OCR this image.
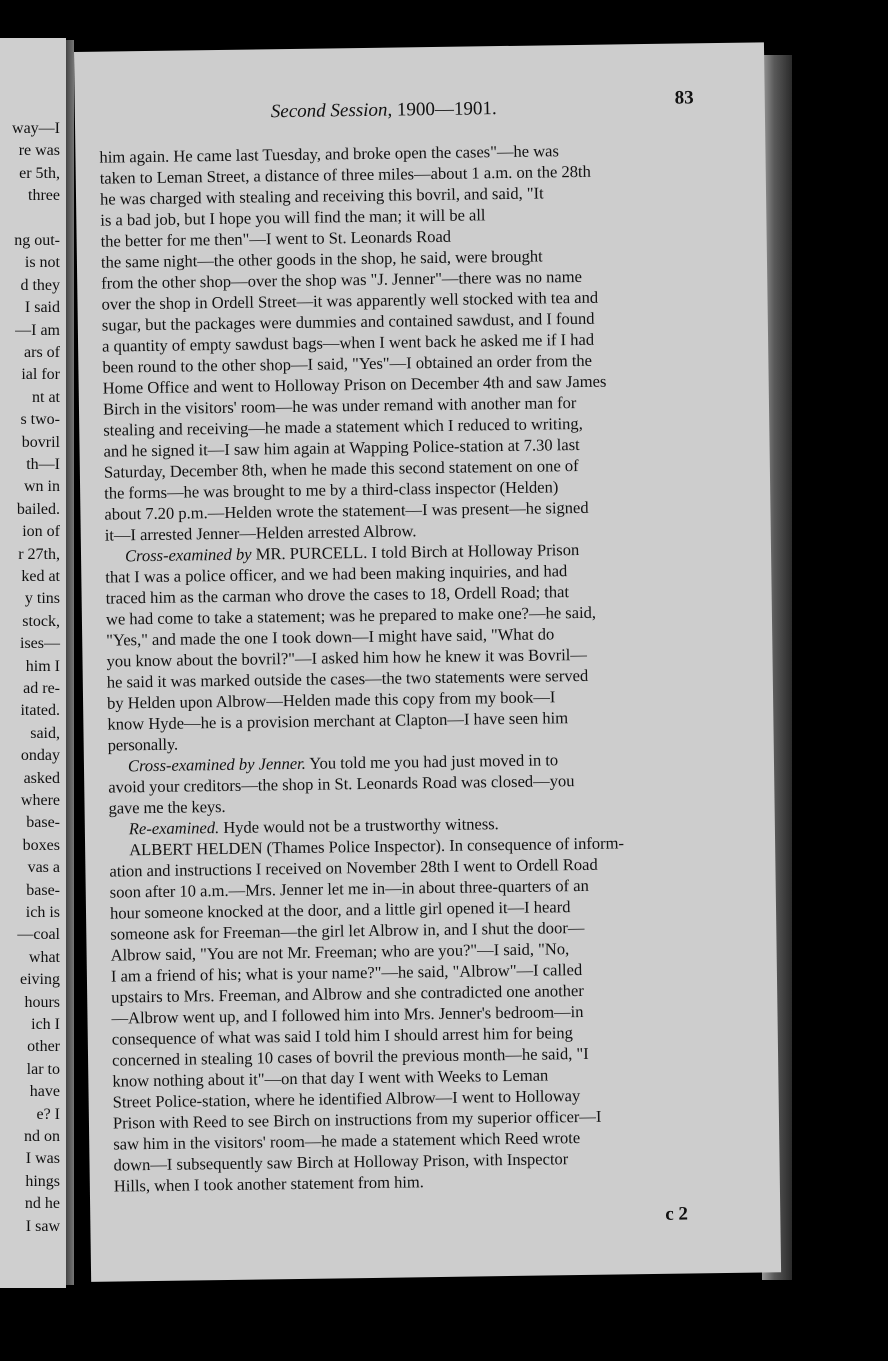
way—I
re was
er 5th,
three
ng out-
is not
d they
I said
—I am
ars of
ial for
nt at
s two-
bovril
th—I
wn in
bailed.
ion of
r 27th,
ked at
y tins
stock,
ises—
him I
ad re-
itated.
said,
onday
asked
where
base-
boxes
vas a
base-
ich is
—coal
what
eiving
hours
ich I
other
lar to
have
e? I
nd on
I was
hings
nd he
I saw
Second Session, 1900—1901.
83
him again. He came last Tuesday, and broke open the cases"—he was
taken to Leman Street, a distance of three miles—about 1 a.m. on the 28th
he was charged with stealing and receiving this bovril, and said, "It
is a bad job, but I hope you will find the man; it will be all
the better for me then"—I went to St. Leonards Road
the same night—the other goods in the shop, he said, were brought
from the other shop—over the shop was "J. Jenner"—there was no name
over the shop in Ordell Street—it was apparently well stocked with tea and
sugar, but the packages were dummies and contained sawdust, and I found
a quantity of empty sawdust bags—when I went back he asked me if I had
been round to the other shop—I said, "Yes"—I obtained an order from the
Home Office and went to Holloway Prison on December 4th and saw James
Birch in the visitors' room—he was under remand with another man for
stealing and receiving—he made a statement which I reduced to writing,
and he signed it—I saw him again at Wapping Police-station at 7.30 last
Saturday, December 8th, when he made this second statement on one of
the forms—he was brought to me by a third-class inspector (Helden)
about 7.20 p.m.—Helden wrote the statement—I was present—he signed
it—I arrested Jenner—Helden arrested Albrow.
Cross-examined by MR. PURCELL. I told Birch at Holloway Prison
that I was a police officer, and we had been making inquiries, and had
traced him as the carman who drove the cases to 18, Ordell Road; that
we had come to take a statement; was he prepared to make one?—he said,
"Yes," and made the one I took down—I might have said, "What do
you know about the bovril?"—I asked him how he knew it was Bovril—
he said it was marked outside the cases—the two statements were served
by Helden upon Albrow—Helden made this copy from my book—I
know Hyde—he is a provision merchant at Clapton—I have seen him
personally.
Cross-examined by Jenner. You told me you had just moved in to
avoid your creditors—the shop in St. Leonards Road was closed—you
gave me the keys.
Re-examined. Hyde would not be a trustworthy witness.
ALBERT HELDEN (Thames Police Inspector). In consequence of inform-
ation and instructions I received on November 28th I went to Ordell Road
soon after 10 a.m.—Mrs. Jenner let me in—in about three-quarters of an
hour someone knocked at the door, and a little girl opened it—I heard
someone ask for Freeman—the girl let Albrow in, and I shut the door—
Albrow said, "You are not Mr. Freeman; who are you?"—I said, "No,
I am a friend of his; what is your name?"—he said, "Albrow"—I called
upstairs to Mrs. Freeman, and Albrow and she contradicted one another
—Albrow went up, and I followed him into Mrs. Jenner's bedroom—in
consequence of what was said I told him I should arrest him for being
concerned in stealing 10 cases of bovril the previous month—he said, "I
know nothing about it"—on that day I went with Weeks to Leman
Street Police-station, where he identified Albrow—I went to Holloway
Prison with Reed to see Birch on instructions from my superior officer—I
saw him in the visitors' room—he made a statement which Reed wrote
down—I subsequently saw Birch at Holloway Prison, with Inspector
Hills, when I took another statement from him.
c 2
